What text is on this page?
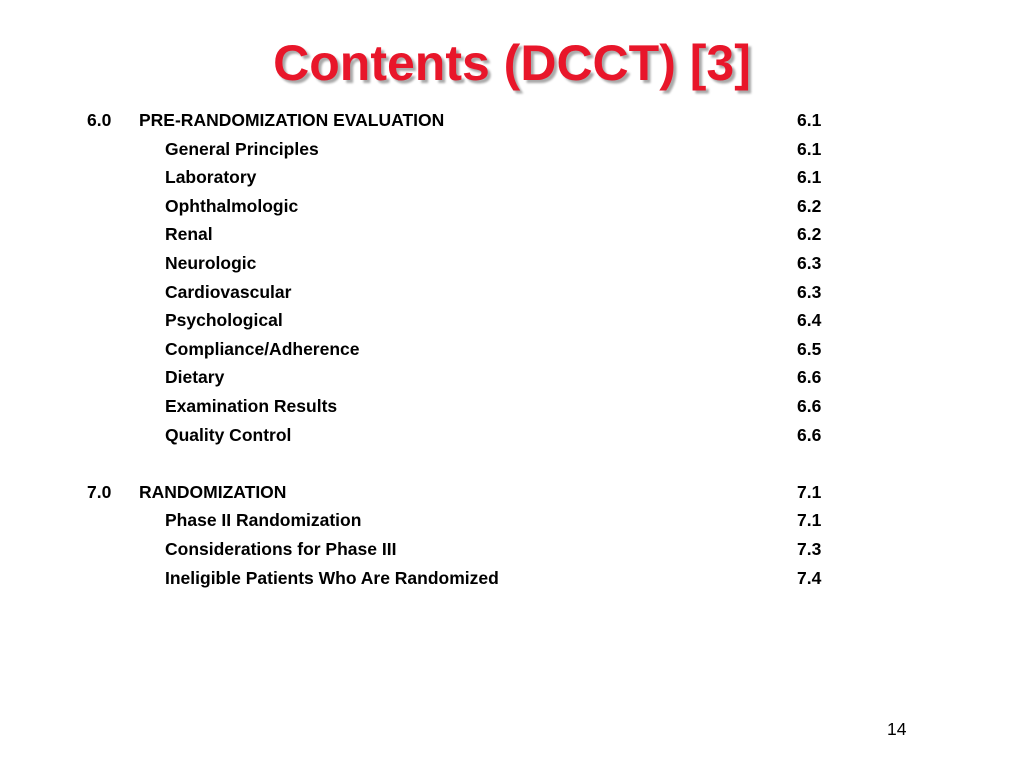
Contents (DCCT) [3]
6.0 PRE-RANDOMIZATION EVALUATION	6.1
General Principles	6.1
Laboratory	6.1
Ophthalmologic	6.2
Renal	6.2
Neurologic	6.3
Cardiovascular	6.3
Psychological	6.4
Compliance/Adherence	6.5
Dietary	6.6
Examination Results	6.6
Quality Control	6.6
7.0 RANDOMIZATION	7.1
Phase II Randomization	7.1
Considerations for Phase III	7.3
Ineligible Patients Who Are Randomized	7.4
14
